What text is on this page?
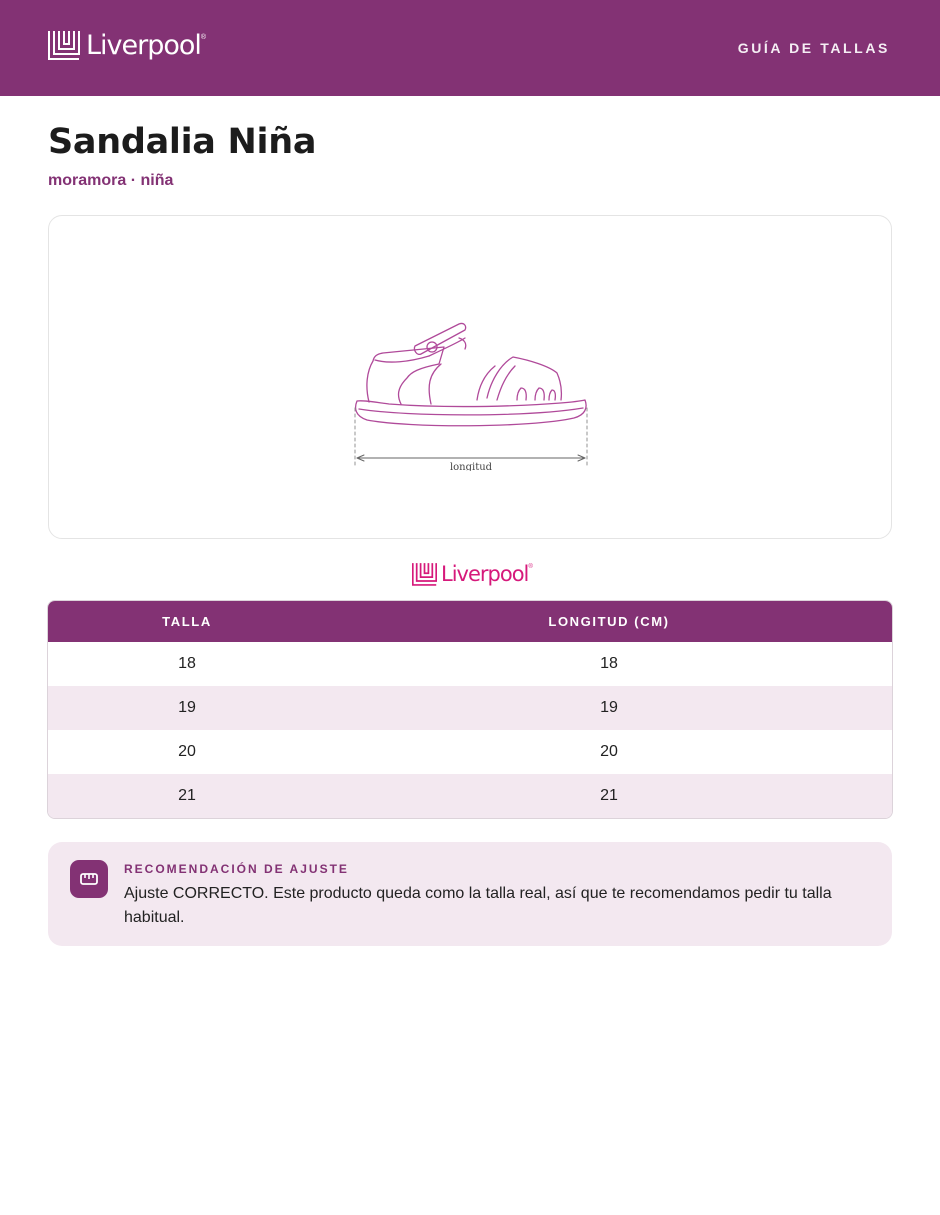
Liverpool®
GUÍA DE TALLAS
Sandalia Niña
moramora · niña
longitud
Liverpool®
TALLA	LONGITUD (CM)
18	18
19	19
20	20
21	21
RECOMENDACIÓN DE AJUSTE
Ajuste CORRECTO. Este producto queda como la talla real, así que te recomendamos pedir tu talla habitual.
